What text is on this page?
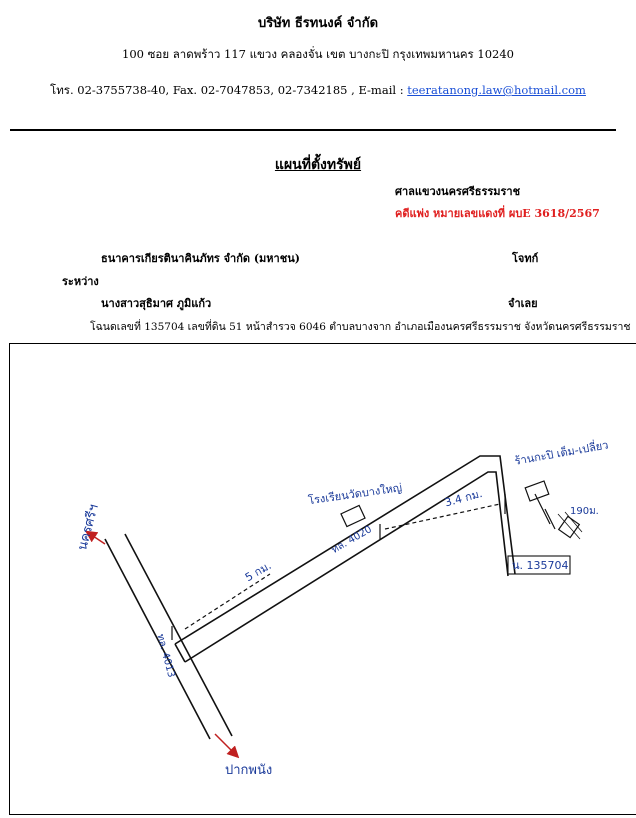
บริษัท ธีรทนงค์ จำกัด
100 ซอย ลาดพร้าว 117 แขวง คลองจั่น เขต บางกะปิ กรุงเทพมหานคร 10240
โทร. 02-3755738-40, Fax. 02-7047853, 02-7342185 , E-mail : teeratanong.law@hotmail.com
แผนที่ตั้งทรัพย์
ศาลแขวงนครศรีธรรมราช
คดีแพ่ง หมายเลขแดงที่ ผบE 3618/2567
ธนาคารเกียรตินาคินภัทร จำกัด (มหาชน)	โจทก์
ระหว่าง
นางสาวสุธิมาศ ภูมิแก้ว	จำเลย
โฉนดเลขที่ 135704 เลขที่ดิน 51 หน้าสำรวจ 6046 ตำบลบางจาก อำเภอเมืองนครศรีธรรมราช จังหวัดนครศรีธรรมราช
นครศรีฯ
ปากพนัง
ทล. 4013
ทล. 4020
5 กม.
3.4 กม.
190ม.
โรงเรียนวัดบางใหญ่
ร้านกะปิ เต็ม-เปลี่ยว
น. 135704
